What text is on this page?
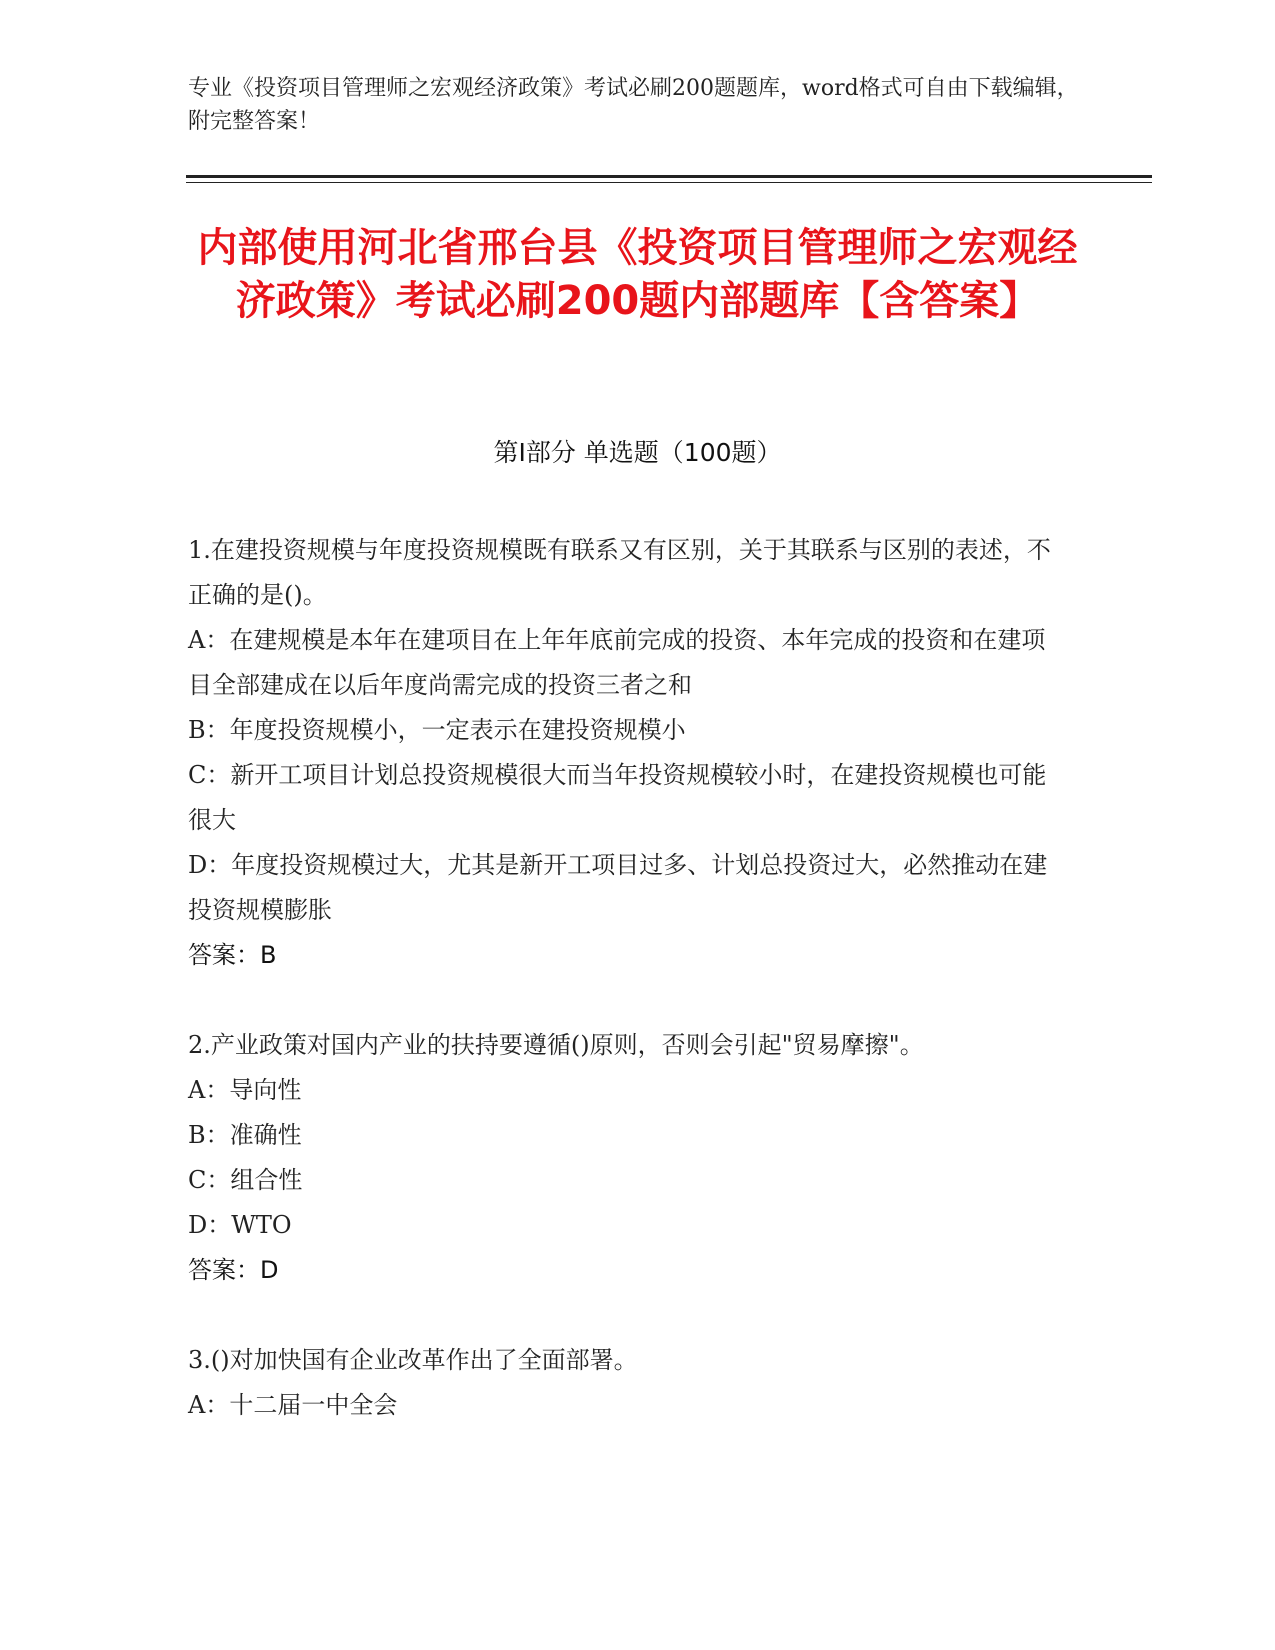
专业《投资项目管理师之宏观经济政策》考试必刷200题题库，word格式可自由下载编辑，附完整答案！
内部使用河北省邢台县《投资项目管理师之宏观经济政策》考试必刷200题内部题库【含答案】
第Ⅰ部分 单选题（100题）

1.在建投资规模与年度投资规模既有联系又有区别，关于其联系与区别的表述，不正确的是()。

A：在建规模是本年在建项目在上年年底前完成的投资、本年完成的投资和在建项目全部建成在以后年度尚需完成的投资三者之和

B：年度投资规模小，一定表示在建投资规模小

C：新开工项目计划总投资规模很大而当年投资规模较小时，在建投资规模也可能很大

D：年度投资规模过大，尤其是新开工项目过多、计划总投资过大，必然推动在建投资规模膨胀

答案：B

2.产业政策对国内产业的扶持要遵循()原则，否则会引起"贸易摩擦"。

A：导向性

B：准确性

C：组合性

D：WTO

答案：D

3.()对加快国有企业改革作出了全面部署。

A：十二届一中全会
